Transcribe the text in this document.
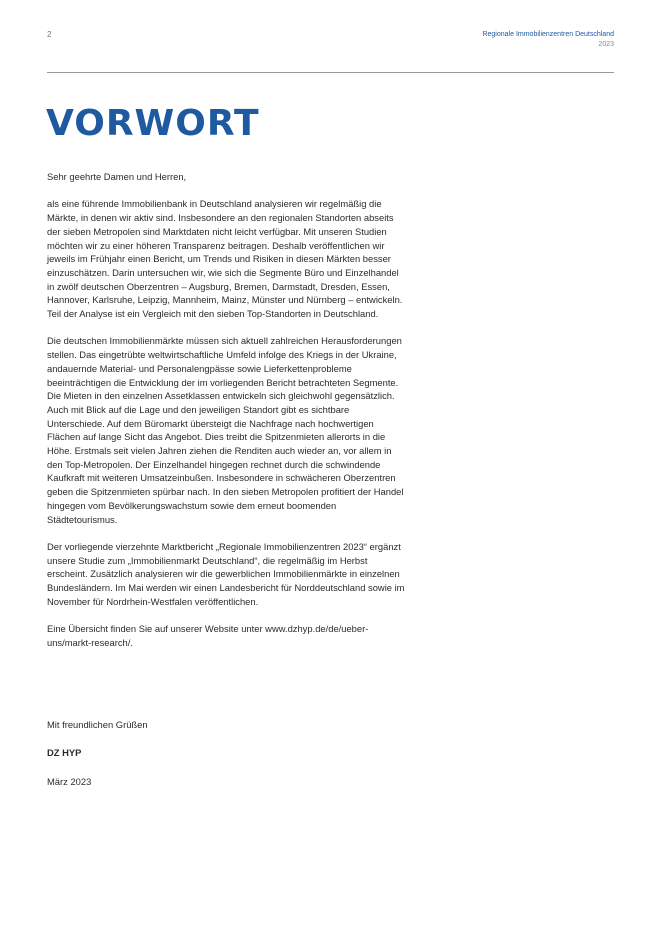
2	Regionale Immobilienzentren Deutschland
2023
VORWORT

Sehr geehrte Damen und Herren,

als eine führende Immobilienbank in Deutschland analysieren wir regelmäßig die Märkte, in denen wir aktiv sind. Insbesondere an den regionalen Standorten abseits der sieben Metropolen sind Marktdaten nicht leicht verfügbar. Mit unseren Studien möchten wir zu einer höheren Transparenz beitragen. Deshalb veröffentlichen wir jeweils im Frühjahr einen Bericht, um Trends und Risiken in diesen Märkten besser einzuschätzen. Darin untersuchen wir, wie sich die Segmente Büro und Einzelhandel in zwölf deutschen Oberzentren – Augsburg, Bremen, Darmstadt, Dresden, Essen, Hannover, Karlsruhe, Leipzig, Mannheim, Mainz, Münster und Nürnberg – entwickeln. Teil der Analyse ist ein Vergleich mit den sieben Top-Standorten in Deutschland.

Die deutschen Immobilienmärkte müssen sich aktuell zahlreichen Herausforderungen stellen. Das eingetrübte weltwirtschaftliche Umfeld infolge des Kriegs in der Ukraine, andauernde Material- und Personalengpässe sowie Lieferkettenprobleme beeinträchtigen die Entwicklung der im vorliegenden Bericht betrachteten Segmente. Die Mieten in den einzelnen Assetklassen entwickeln sich gleichwohl gegensätzlich. Auch mit Blick auf die Lage und den jeweiligen Standort gibt es sichtbare Unterschiede. Auf dem Büromarkt übersteigt die Nachfrage nach hochwertigen Flächen auf lange Sicht das Angebot. Dies treibt die Spitzenmieten allerorts in die Höhe. Erstmals seit vielen Jahren ziehen die Renditen auch wieder an, vor allem in den Top-Metropolen. Der Einzelhandel hingegen rechnet durch die schwindende Kaufkraft mit weiteren Umsatzeinbußen. Insbesondere in schwächeren Oberzentren geben die Spitzenmieten spürbar nach. In den sieben Metropolen profitiert der Handel hingegen vom Bevölkerungswachstum sowie dem erneut boomenden Städtetourismus.

Der vorliegende vierzehnte Marktbericht „Regionale Immobilienzentren 2023“ ergänzt unsere Studie zum „Immobilienmarkt Deutschland“, die regelmäßig im Herbst erscheint. Zusätzlich analysieren wir die gewerblichen Immobilienmärkte in einzelnen Bundesländern. Im Mai werden wir einen Landesbericht für Norddeutschland sowie im November für Nordrhein-Westfalen veröffentlichen.

Eine Übersicht finden Sie auf unserer Website unter www.dzhyp.de/de/ueber-uns/markt-research/.

Mit freundlichen Grüßen
DZ HYP
März 2023
